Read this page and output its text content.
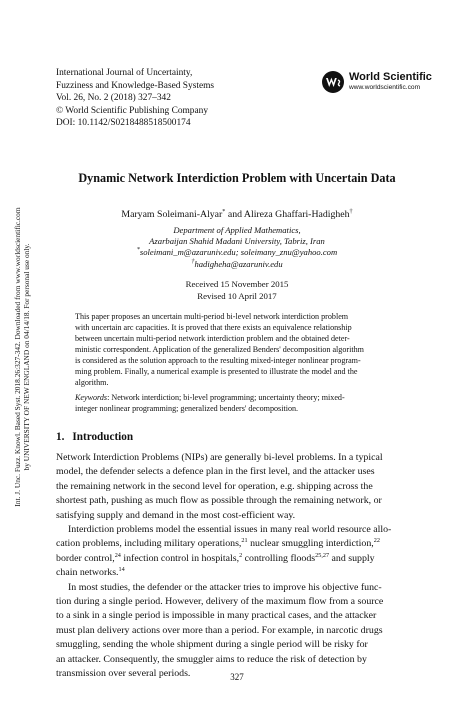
Int. J. Unc. Fuzz. Knowl. Based Syst. 2018.26:327-342. Downloaded from www.worldscientific.com by UNIVERSITY OF NEW ENGLAND on 04/14/18. For personal use only.
International Journal of Uncertainty,
Fuzziness and Knowledge-Based Systems
Vol. 26, No. 2 (2018) 327–342
© World Scientific Publishing Company
DOI: 10.1142/S0218488518500174
World Scientific
www.worldscientific.com
Dynamic Network Interdiction Problem with Uncertain Data
Maryam Soleimani-Alyar* and Alireza Ghaffari-Hadigheh†
Department of Applied Mathematics,
Azarbaijan Shahid Madani University, Tabriz, Iran
*soleimani_m@azaruniv.edu; soleimany_znu@yahoo.com
†hadigheha@azaruniv.edu
Received 15 November 2015
Revised 10 April 2017
This paper proposes an uncertain multi-period bi-level network interdiction problem
with uncertain arc capacities. It is proved that there exists an equivalence relationship
between uncertain multi-period network interdiction problem and the obtained deter-
ministic correspondent. Application of the generalized Benders' decomposition algorithm
is considered as the solution approach to the resulting mixed-integer nonlinear program-
ming problem. Finally, a numerical example is presented to illustrate the model and the
algorithm.
Keywords: Network interdiction; bi-level programming; uncertainty theory; mixed-
integer nonlinear programming; generalized benders' decomposition.
1. Introduction
Network Interdiction Problems (NIPs) are generally bi-level problems. In a typical
model, the defender selects a defence plan in the first level, and the attacker uses
the remaining network in the second level for operation, e.g. shipping across the
shortest path, pushing as much flow as possible through the remaining network, or
satisfying supply and demand in the most cost-efficient way.
Interdiction problems model the essential issues in many real world resource allo-
cation problems, including military operations,$^{21}$ nuclear smuggling interdiction,$^{22}$
border control,$^{24}$ infection control in hospitals,$^2$ controlling floods$^{25,27}$ and supply
chain networks.$^{14}$
In most studies, the defender or the attacker tries to improve his objective func-
tion during a single period. However, delivery of the maximum flow from a source
to a sink in a single period is impossible in many practical cases, and the attacker
must plan delivery actions over more than a period. For example, in narcotic drugs
smuggling, sending the whole shipment during a single period will be risky for
an attacker. Consequently, the smuggler aims to reduce the risk of detection by
transmission over several periods.	327
